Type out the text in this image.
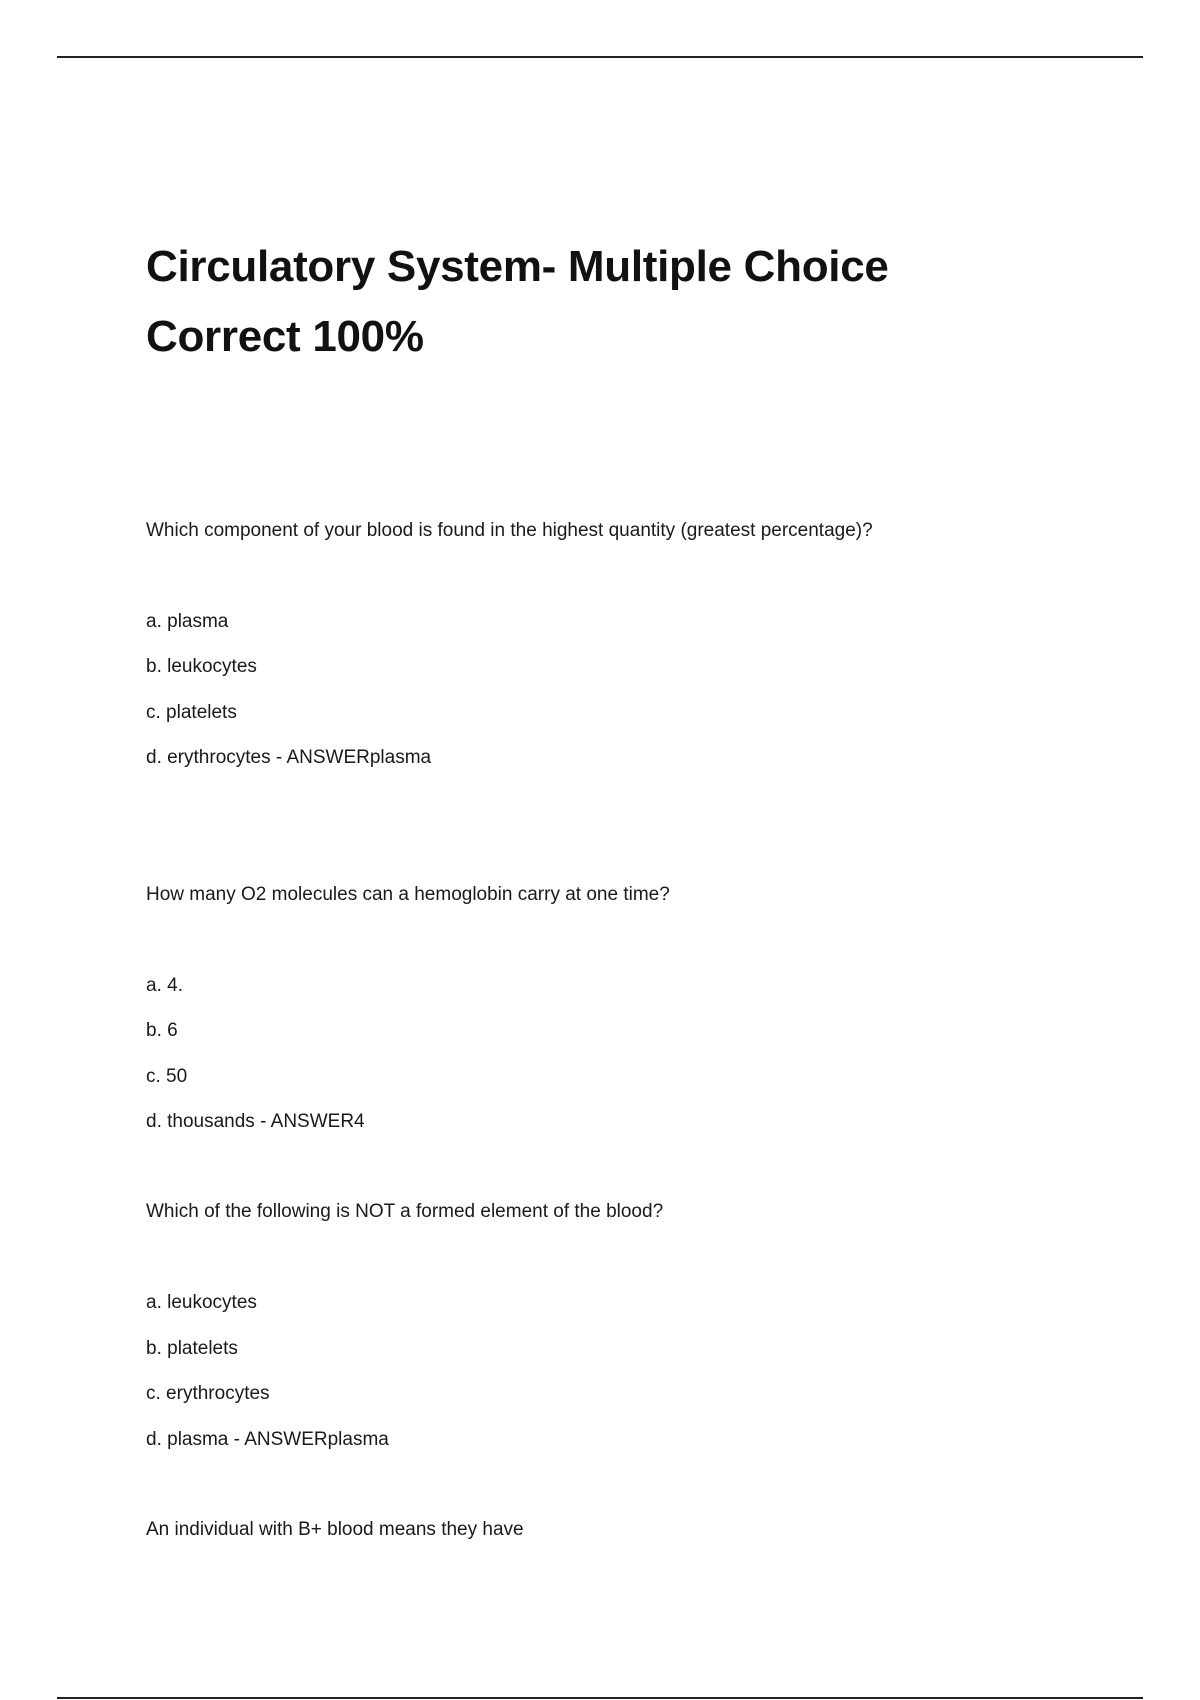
Circulatory System- Multiple Choice
Correct 100%
Which component of your blood is found in the highest quantity (greatest percentage)?
a. plasma
b. leukocytes
c. platelets
d. erythrocytes - ANSWERplasma
How many O2 molecules can a hemoglobin carry at one time?
a. 4.
b. 6
c. 50
d. thousands - ANSWER4
Which of the following is NOT a formed element of the blood?
a. leukocytes
b. platelets
c. erythrocytes
d. plasma - ANSWERplasma
An individual with B+ blood means they have
